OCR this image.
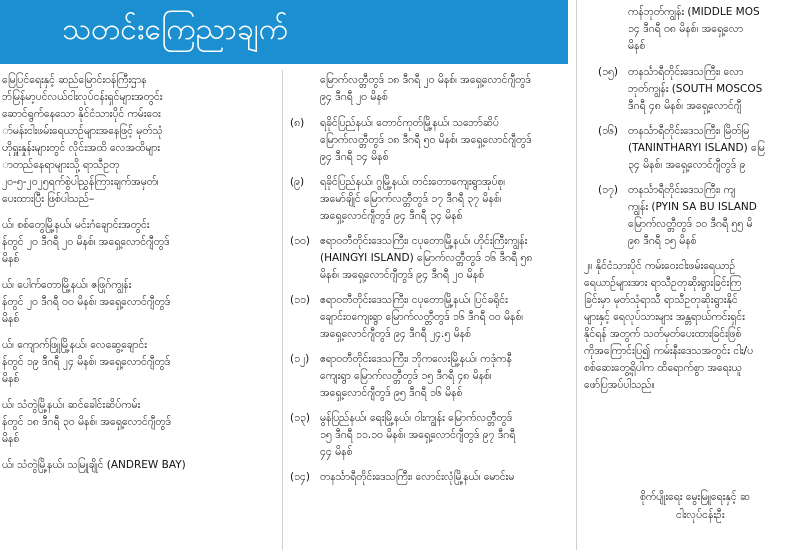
သတင်းကြေညာချက်
မြေပြင်ရေးနှင့် ဆည်မြောင်းဝန်ကြီးဌာန
ဘ်မြန်မာ့ပင်လယ်ငါးလုပ်ငန်းရှင်များအတွင်း
ဆောင်ရွက်နေသော နိုင်ငံသားပိုင် ကမ်းဝေး
ာ်မန်းငါးဖမ်းရေယာဉ်များအနေဖြင့် မုတ်သုံ
ဟိုရှူးနှုန်းများတွင် လိုင်းအထိ လေအထိများ
ာတည်နေရာများသို့ ရာသီဥတု
၂ဝ-၅-၂၀၂၅ရက်စွဲပါညွှန်ကြားချက်အမှတ်၊
ပေးထားပြီး ဖြစ်ပါသည်–
ယ်၊ စစ်တွေမြို့နယ်၊ မင်းဂံချောင်းအတွင်း
န်တွင် ၂၀ ဒီဂရီ ၂၀ မိနစ်၊ အရှေ့လောင်ဂျီတွဒ်
မိနစ်
ယ်၊ ပေါက်တောမြို့နယ်၊ ဇဖြုဂ်ကျွန်း
န်တွင် ၂၀ ဒီဂရီ ၀၀ မိနစ်၊ အရှေ့လောင်ဂျီတွဒ်
မိနစ်
ယ်၊ ကျောက်ဖြူမြို့နယ်၊ လေဆွေ့ချောင်း
န်တွင် ၁၉ ဒီဂရီ ၂၄ မိနစ်၊ အရှေ့လောင်ဂျီတွဒ်
မိနစ်
ယ်၊ သံတွဲမြို့နယ်၊ ဆင်ခေါင်းဆိပ်ကမ်း
န်တွင် ၁၈ ဒီဂရီ ၃၀ မိနစ်၊ အရှေ့လောင်ဂျီတွဒ်
မိနစ်
ယ်၊ သံတွဲမြို့နယ်၊ သမြူချိုင် (ANDREW BAY)
မြောက်လတ္တီတွဒ် ၁၈ ဒီဂရီ ၂၀ မိနစ်၊ အရှေ့လောင်ဂျီတွဒ်
၉၄ ဒီဂရီ ၂၀ မိနစ်
(၈)	ရခိုင်ပြည်နယ်၊ တောင်ကုတ်မြို့နယ်၊ သဘော်ဆိပ်
မြောက်လတ္တီတွဒ် ၁၈ ဒီဂရီ ၅၀ မိနစ်၊ အရှေ့လောင်ဂျီတွဒ်
၉၄ ဒီဂရီ ၁၄ မိနစ်
(၉)	ရခိုင်ပြည်နယ်၊ ဂွမြို့နယ်၊ တင်းတောကျေးရွာအုပ်စု၊
အမော်ချိုင် မြောက်လတ္တီတွဒ် ၁၇ ဒီဂရီ ၃၇ မိနစ်၊
အရှေ့လောင်ဂျီတွဒ် ၉၄ ဒီဂရီ ၃၄ မိနစ်
(၁၀) ဧရာဝတီတိုင်းဒေသကြီး၊ ငပုတောမြို့နယ်၊ ဟိုင်းကြီးကျွန်း
(HAINGYI ISLAND) မြောက်လတ္တီတွဒ် ၁၆ ဒီဂရီ ၅၈
မိနစ်၊ အရှေ့လောင်ဂျီတွဒ် ၉၄ ဒီဂရီ ၂၀ မိနစ်
(၁၁) ဧရာဝတီတိုင်းဒေသကြီး၊ ငပုတောမြို့နယ်၊ ပြင်ခရိုင်း
ချောင်းဝကျေးရွာ မြောက်လတ္တီတွဒ် ၁၆ ဒီဂရီ ၀၀ မိနစ်၊
အရှေ့လောင်ဂျီတွဒ် ၉၄ ဒီဂရီ ၂၄.၅ မိနစ်
(၁၂)	ဧရာဝတီတိုင်းဒေသကြီး၊ ဘိုကလေးမြို့နယ်၊ ကဒုံကနီ
ကျေးရွာ မြောက်လတ္တီတွဒ် ၁၅ ဒီဂရီ ၄၈ မိနစ်၊
အရှေ့လောင်ဂျီတွဒ် ၉၅ ဒီဂရီ ၁၆ မိနစ်
(၁၃) မွန်ပြည်နယ်၊ ရေးမြို့နယ်၊ ဝါးကျွန်း မြောက်လတ္တီတွဒ်
၁၅ ဒီဂရီ ၁၁.၁၀ မိနစ်၊ အရှေ့လောင်ဂျီတွဒ် ၉၇ ဒီဂရီ
၄၄ မိနစ်
(၁၄) တနင်္သာရီတိုင်းဒေသကြီး၊ လောင်းလုံမြို့နယ်၊ မောင်းမ
ကန်ဘုတ်ကျွန်း (MIDDLE MOS
၁၄ ဒီဂရီ ၀၈ မိနစ်၊ အရှေ့လော
မိနစ်
(၁၅) တနင်္သာရီတိုင်းဒေသကြီး၊ လော
ဘုတ်ကျွန်း (SOUTH MOSCOS
ဒီဂရီ ၄၈ မိနစ်၊ အရှေ့လောင်ဂျီ
(၁၆) တနင်္သာရီတိုင်းဒေသကြီး၊ မြိတ်မြ
(TANINTHARYI ISLAND) မြေ
၃၄ မိနစ်၊ အရှေ့လောင်ဂျီတွဒ် ၉
(၁၇) တနင်္သာရီတိုင်းဒေသကြီး၊ ကျ
ကျွန်း (PYIN SA BU ISLAND
မြောက်လတ္တီတွဒ် ၁၀ ဒီဂရီ ၅၅ မိ
၉၈ ဒီဂရီ ၁၅ မိနစ်
၂။ နိုင်ငံသားပိုင် ကမ်းဝေးငါးဖမ်းရေယာဉ်
ရေယာဉ်များအား ရာသီဥတုဆိုးရွားခြင်းကြ
ခြင်းမှာ မုတ်သုံရာသီ ရာသီဥတုဆိုးရွားနိုင်
များနှင့် ရေလုပ်သားများ အန္တရာယ်ကင်းရှင်း
နိုင်ရန် အတွက် သတ်မှတ်ပေးထားခြင်းဖြစ်
ကိုအကြောင်းပြ၍ ကမ်းနီးဒေသအတွင်း ငါး/ပ
စစ်ဆေးတွေ့ရှိပါက ထိရောက်စွာ အရေးယူ
ဖော်ပြအပ်ပါသည်။
စိုက်ပျိုးရေး မွေးမြူရေးနှင့် ဆ
ငါးလုပ်ငန်းဦး
